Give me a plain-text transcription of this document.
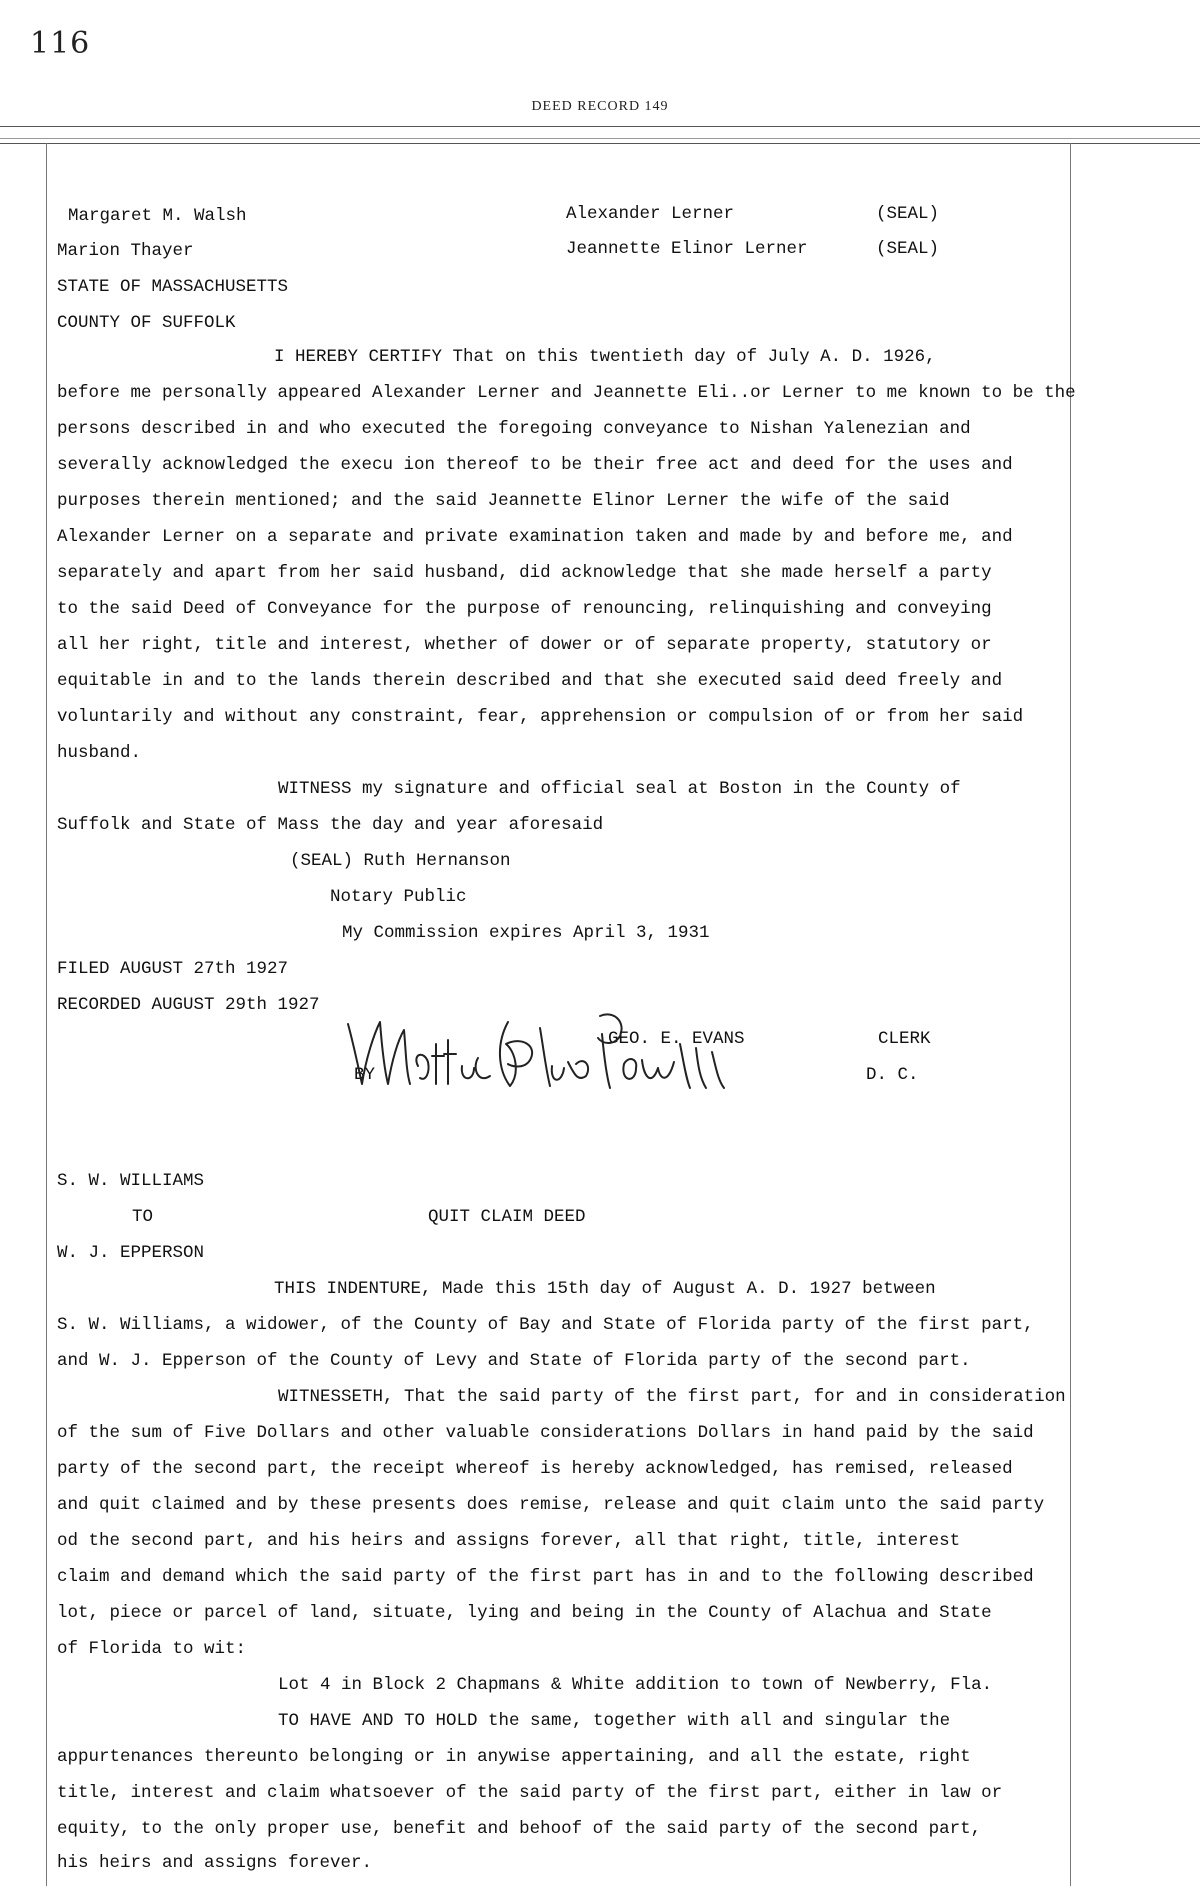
116
DEED RECORD 149
Margaret M. Walsh	Alexander Lerner	(SEAL)
Marion Thayer	Jeannette Elinor Lerner	(SEAL)
STATE OF MASSACHUSETTS
COUNTY OF SUFFOLK
I HEREBY CERTIFY That on this twentieth day of July A. D. 1926,
before me personally appeared Alexander Lerner and Jeannette Eli..or Lerner to me known to be the
persons described in and who executed the foregoing conveyance to Nishan Yalenezian and
severally acknowledged the execu ion thereof to be their free act and deed for the uses and
purposes therein mentioned; and the said Jeannette Elinor Lerner the wife of the said
Alexander Lerner on a separate and private examination taken and made by and before me, and
separately and apart from her said husband, did acknowledge that she made herself a party
to the said Deed of Conveyance for the purpose of renouncing, relinquishing and conveying
all her right, title and interest, whether of dower or of separate property, statutory or
equitable in and to the lands therein described and that she executed said deed freely and
voluntarily and without any constraint, fear, apprehension or compulsion of or from her said
husband.
WITNESS my signature and official seal at Boston in the County of
Suffolk and State of Mass the day and year aforesaid
(SEAL) Ruth Hernanson
Notary Public
My Commission expires April 3, 1931
FILED AUGUST 27th 1927
RECORDED AUGUST 29th 1927
GEO. E. EVANS	CLERK
BY	D. C.
S. W. WILLIAMS
TO	QUIT CLAIM DEED
W. J. EPPERSON
THIS INDENTURE, Made this 15th day of August A. D. 1927 between
S. W. Williams, a widower, of the County of Bay and State of Florida party of the first part,
and W. J. Epperson of the County of Levy and State of Florida party of the second part.
WITNESSETH, That the said party of the first part, for and in consideration
of the sum of Five Dollars and other valuable considerations Dollars in hand paid by the said
party of the second part, the receipt whereof is hereby acknowledged, has remised, released
and quit claimed and by these presents does remise, release and quit claim unto the said party
od the second part, and his heirs and assigns forever, all that right, title, interest
claim and demand which the said party of the first part has in and to the following described
lot, piece or parcel of land, situate, lying and being in the County of Alachua and State
of Florida to wit:
Lot 4 in Block 2 Chapmans & White addition to town of Newberry, Fla.
TO HAVE AND TO HOLD the same, together with all and singular the
appurtenances thereunto belonging or in anywise appertaining, and all the estate, right
title, interest and claim whatsoever of the said party of the first part, either in law or
equity, to the only proper use, benefit and behoof of the said party of the second part,
his heirs and assigns forever.
